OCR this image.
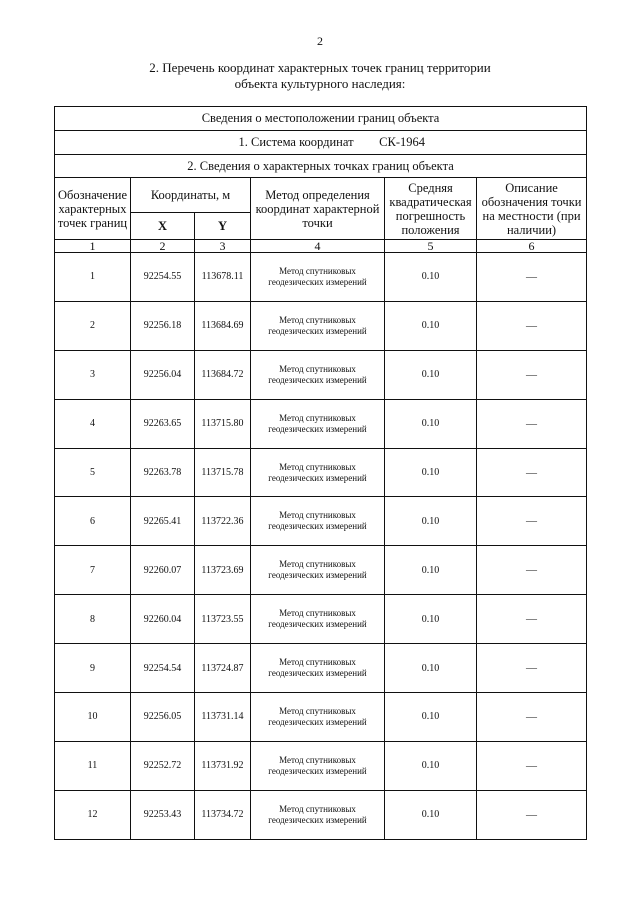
2
2. Перечень координат характерных точек границ территории
объекта культурного наследия:
Сведения о местоположении границ объекта					
1. Система координат СК-1964					
2. Сведения о характерных точках границ объекта					
Обозначение характерных точек границ	Координаты, м		Метод определения координат характерной точки	Средняя квадратическая погрешность положения	Описание обозначения точки на местности (при наличии)
	X	Y			
1	2	3	4	5	6
1	92254.55	113678.11	Метод спутниковых геодезических измерений	0.10	—
2	92256.18	113684.69	Метод спутниковых геодезических измерений	0.10	—
3	92256.04	113684.72	Метод спутниковых геодезических измерений	0.10	—
4	92263.65	113715.80	Метод спутниковых геодезических измерений	0.10	—
5	92263.78	113715.78	Метод спутниковых геодезических измерений	0.10	—
6	92265.41	113722.36	Метод спутниковых геодезических измерений	0.10	—
7	92260.07	113723.69	Метод спутниковых геодезических измерений	0.10	—
8	92260.04	113723.55	Метод спутниковых геодезических измерений	0.10	—
9	92254.54	113724.87	Метод спутниковых геодезических измерений	0.10	—
10	92256.05	113731.14	Метод спутниковых геодезических измерений	0.10	—
11	92252.72	113731.92	Метод спутниковых геодезических измерений	0.10	—
12	92253.43	113734.72	Метод спутниковых геодезических измерений	0.10	—
